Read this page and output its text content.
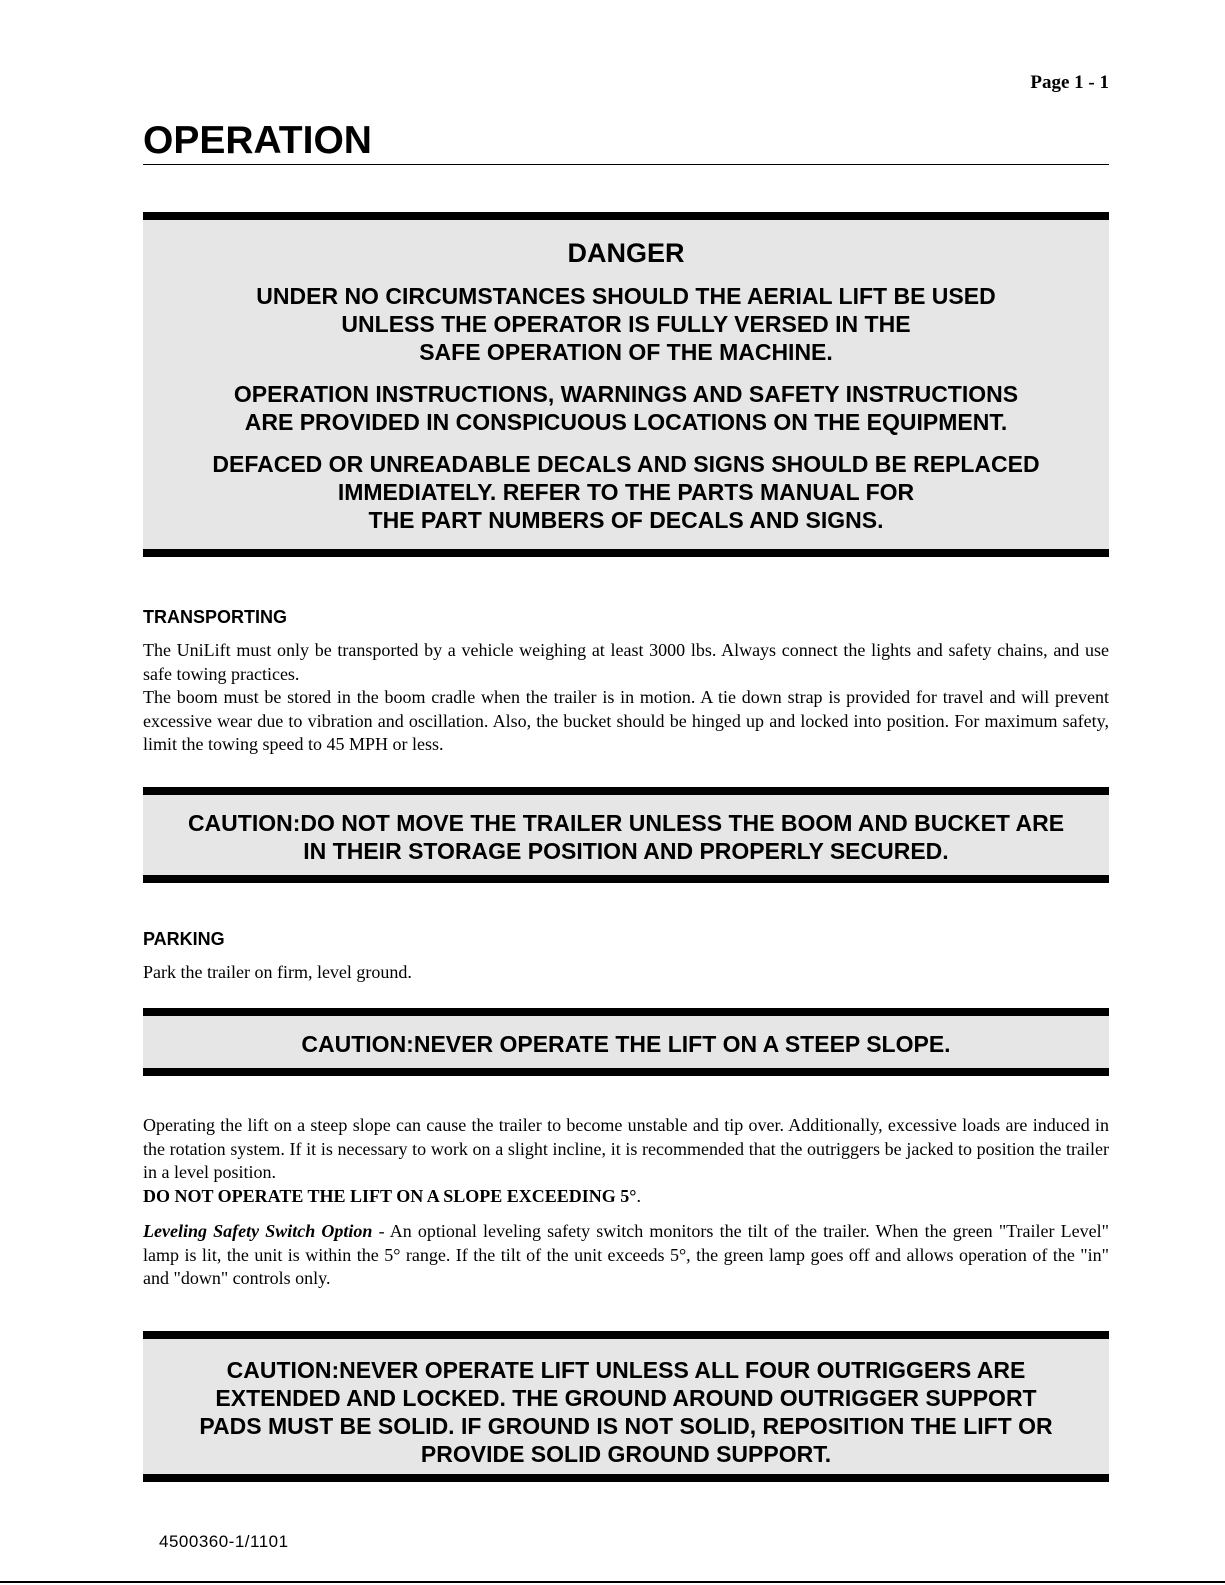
Page 1 - 1
OPERATION

DANGER

UNDER NO CIRCUMSTANCES SHOULD THE AERIAL LIFT BE USED
UNLESS THE OPERATOR IS FULLY VERSED IN THE
SAFE OPERATION OF THE MACHINE.

OPERATION INSTRUCTIONS, WARNINGS AND SAFETY INSTRUCTIONS
ARE PROVIDED IN CONSPICUOUS LOCATIONS ON THE EQUIPMENT.

DEFACED OR UNREADABLE DECALS AND SIGNS SHOULD BE REPLACED
IMMEDIATELY. REFER TO THE PARTS MANUAL FOR
THE PART NUMBERS OF DECALS AND SIGNS.

TRANSPORTING

The UniLift must only be transported by a vehicle weighing at least 3000 lbs. Always connect the lights and safety chains, and use safe towing practices.

The boom must be stored in the boom cradle when the trailer is in motion. A tie down strap is provided for travel and will prevent excessive wear due to vibration and oscillation. Also, the bucket should be hinged up and locked into position. For maximum safety, limit the towing speed to 45 MPH or less.

CAUTION:DO NOT MOVE THE TRAILER UNLESS THE BOOM AND BUCKET ARE
IN THEIR STORAGE POSITION AND PROPERLY SECURED.

PARKING

Park the trailer on firm, level ground.

CAUTION:NEVER OPERATE THE LIFT ON A STEEP SLOPE.

Operating the lift on a steep slope can cause the trailer to become unstable and tip over. Additionally, excessive loads are induced in the rotation system. If it is necessary to work on a slight incline, it is recommended that the outriggers be jacked to position the trailer in a level position.

DO NOT OPERATE THE LIFT ON A SLOPE EXCEEDING 5°.

Leveling Safety Switch Option - An optional leveling safety switch monitors the tilt of the trailer. When the green "Trailer Level" lamp is lit, the unit is within the 5° range. If the tilt of the unit exceeds 5°, the green lamp goes off and allows operation of the "in" and "down" controls only.

CAUTION:NEVER OPERATE LIFT UNLESS ALL FOUR OUTRIGGERS ARE
EXTENDED AND LOCKED. THE GROUND AROUND OUTRIGGER SUPPORT
PADS MUST BE SOLID. IF GROUND IS NOT SOLID, REPOSITION THE LIFT OR
PROVIDE SOLID GROUND SUPPORT.

4500360-1/1101
